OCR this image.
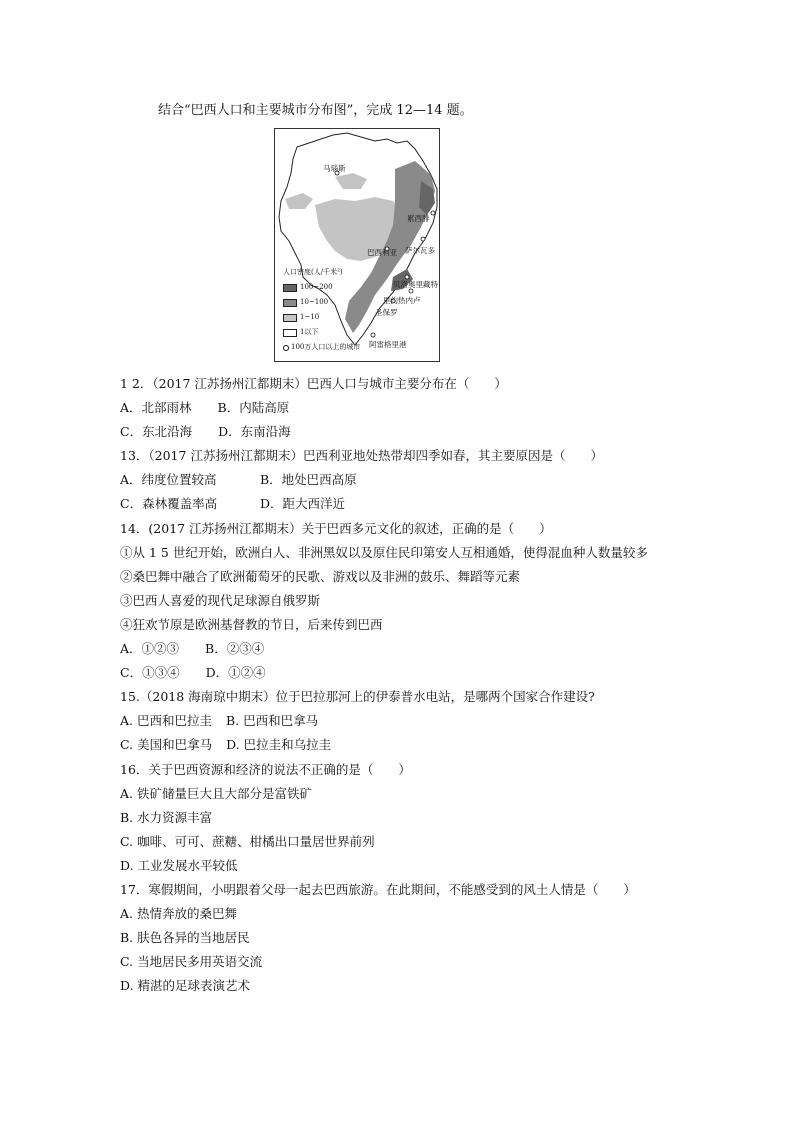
结合“巴西人口和主要城市分布图”，完成 12—14 题。
马瑙斯
累西腓
萨尔瓦多
巴西利亚
贝洛奥里藏特
里约热内卢
圣保罗
阿雷格里港
人口密度(人/千米²)
100~200
10~100
1~10
1以下
100万人口以上的城市
1 2．（2017 江苏扬州江都期末）巴西人口与城市主要分布在（　　）
A．北部雨林 B．内陆高原
C．东北沿海 D．东南沿海
13．（2017 江苏扬州江都期末）巴西利亚地处热带却四季如春，其主要原因是（　　）
A．纬度位置较高	B．地处巴西高原
C．森林覆盖率高	D．距大西洋近
14．(2017 江苏扬州江都期末）关于巴西多元文化的叙述，正确的是（　　）
①从 1 5 世纪开始，欧洲白人、非洲黑奴以及原住民印第安人互相通婚，使得混血种人数量较多
②桑巴舞中融合了欧洲葡萄牙的民歌、游戏以及非洲的鼓乐、舞蹈等元素
③巴西人喜爱的现代足球源自俄罗斯
④狂欢节原是欧洲基督教的节日，后来传到巴西
A．①②③ B．②③④
C．①③④ D．①②④
15.（2018 海南琼中期末）位于巴拉那河上的伊泰普水电站，是哪两个国家合作建设?
A. 巴西和巴拉圭 B. 巴西和巴拿马
C. 美国和巴拿马 D. 巴拉圭和乌拉圭
16．关于巴西资源和经济的说法不正确的是（　　）
A. 铁矿储量巨大且大部分是富铁矿
B. 水力资源丰富
C. 咖啡、可可、蔗糖、柑橘出口量居世界前列
D. 工业发展水平较低
17．寒假期间，小明跟着父母一起去巴西旅游。在此期间，不能感受到的风土人情是（　　）
A. 热情奔放的桑巴舞
B. 肤色各异的当地居民
C. 当地居民多用英语交流
D. 精湛的足球表演艺术
